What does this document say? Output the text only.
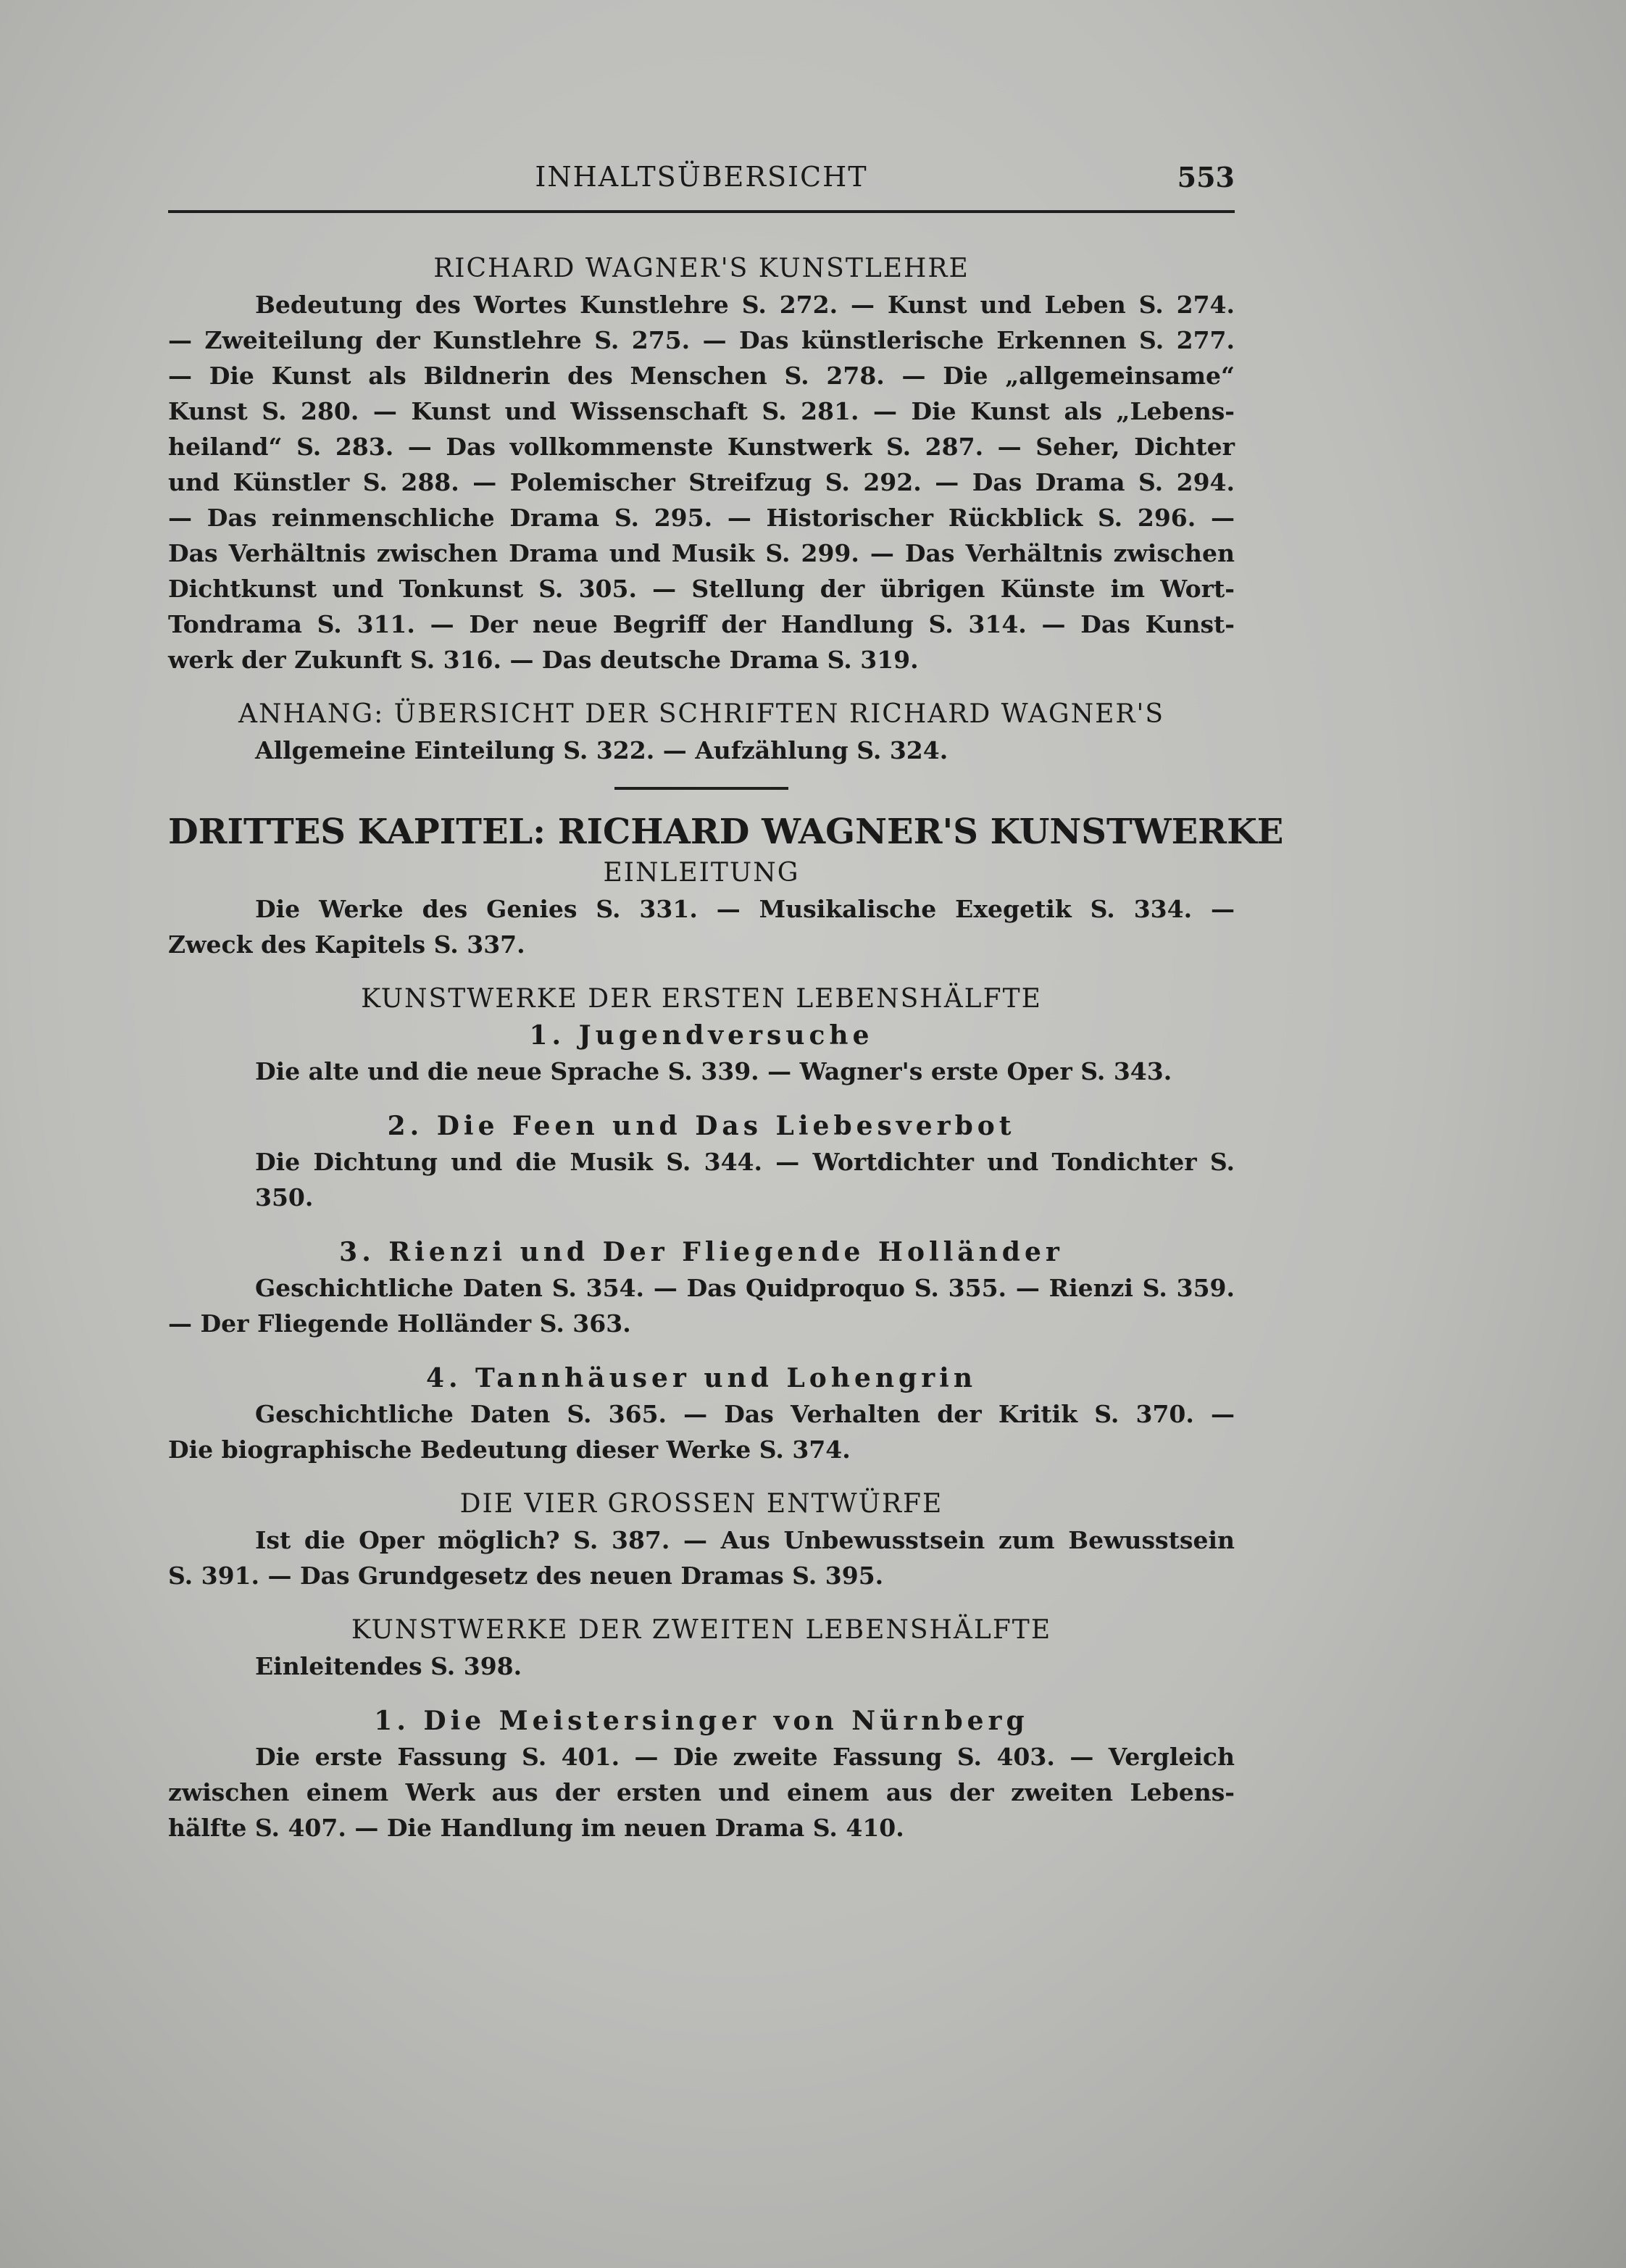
INHALTSÜBERSICHT	553
RICHARD WAGNER'S KUNSTLEHRE
Bedeutung des Wortes Kunstlehre S. 272. — Kunst und Leben S. 274.
— Zweiteilung der Kunstlehre S. 275. — Das künstlerische Erkennen S. 277.
— Die Kunst als Bildnerin des Menschen S. 278. — Die „allgemeinsame“
Kunst S. 280. — Kunst und Wissenschaft S. 281. — Die Kunst als „Lebens-
heiland“ S. 283. — Das vollkommenste Kunstwerk S. 287. — Seher, Dichter
und Künstler S. 288. — Polemischer Streifzug S. 292. — Das Drama S. 294.
— Das reinmenschliche Drama S. 295. — Historischer Rückblick S. 296. —
Das Verhältnis zwischen Drama und Musik S. 299. — Das Verhältnis zwischen
Dichtkunst und Tonkunst S. 305. — Stellung der übrigen Künste im Wort-
Tondrama S. 311. — Der neue Begriff der Handlung S. 314. — Das Kunst-
werk der Zukunft S. 316. — Das deutsche Drama S. 319.
ANHANG: ÜBERSICHT DER SCHRIFTEN RICHARD WAGNER'S
Allgemeine Einteilung S. 322. — Aufzählung S. 324.
DRITTES KAPITEL: RICHARD WAGNER'S KUNSTWERKE
EINLEITUNG
Die Werke des Genies S. 331. — Musikalische Exegetik S. 334. —
Zweck des Kapitels S. 337.
KUNSTWERKE DER ERSTEN LEBENSHÄLFTE
1. Jugendversuche
Die alte und die neue Sprache S. 339. — Wagner's erste Oper S. 343.
2. Die Feen und Das Liebesverbot
Die Dichtung und die Musik S. 344. — Wortdichter und Tondichter S. 350.
3. Rienzi und Der Fliegende Holländer
Geschichtliche Daten S. 354. — Das Quidproquo S. 355. — Rienzi S. 359.
— Der Fliegende Holländer S. 363.
4. Tannhäuser und Lohengrin
Geschichtliche Daten S. 365. — Das Verhalten der Kritik S. 370. —
Die biographische Bedeutung dieser Werke S. 374.
DIE VIER GROSSEN ENTWÜRFE
Ist die Oper möglich? S. 387. — Aus Unbewusstsein zum Bewusstsein
S. 391. — Das Grundgesetz des neuen Dramas S. 395.
KUNSTWERKE DER ZWEITEN LEBENSHÄLFTE
Einleitendes S. 398.
1. Die Meistersinger von Nürnberg
Die erste Fassung S. 401. — Die zweite Fassung S. 403. — Vergleich
zwischen einem Werk aus der ersten und einem aus der zweiten Lebens-
hälfte S. 407. — Die Handlung im neuen Drama S. 410.
